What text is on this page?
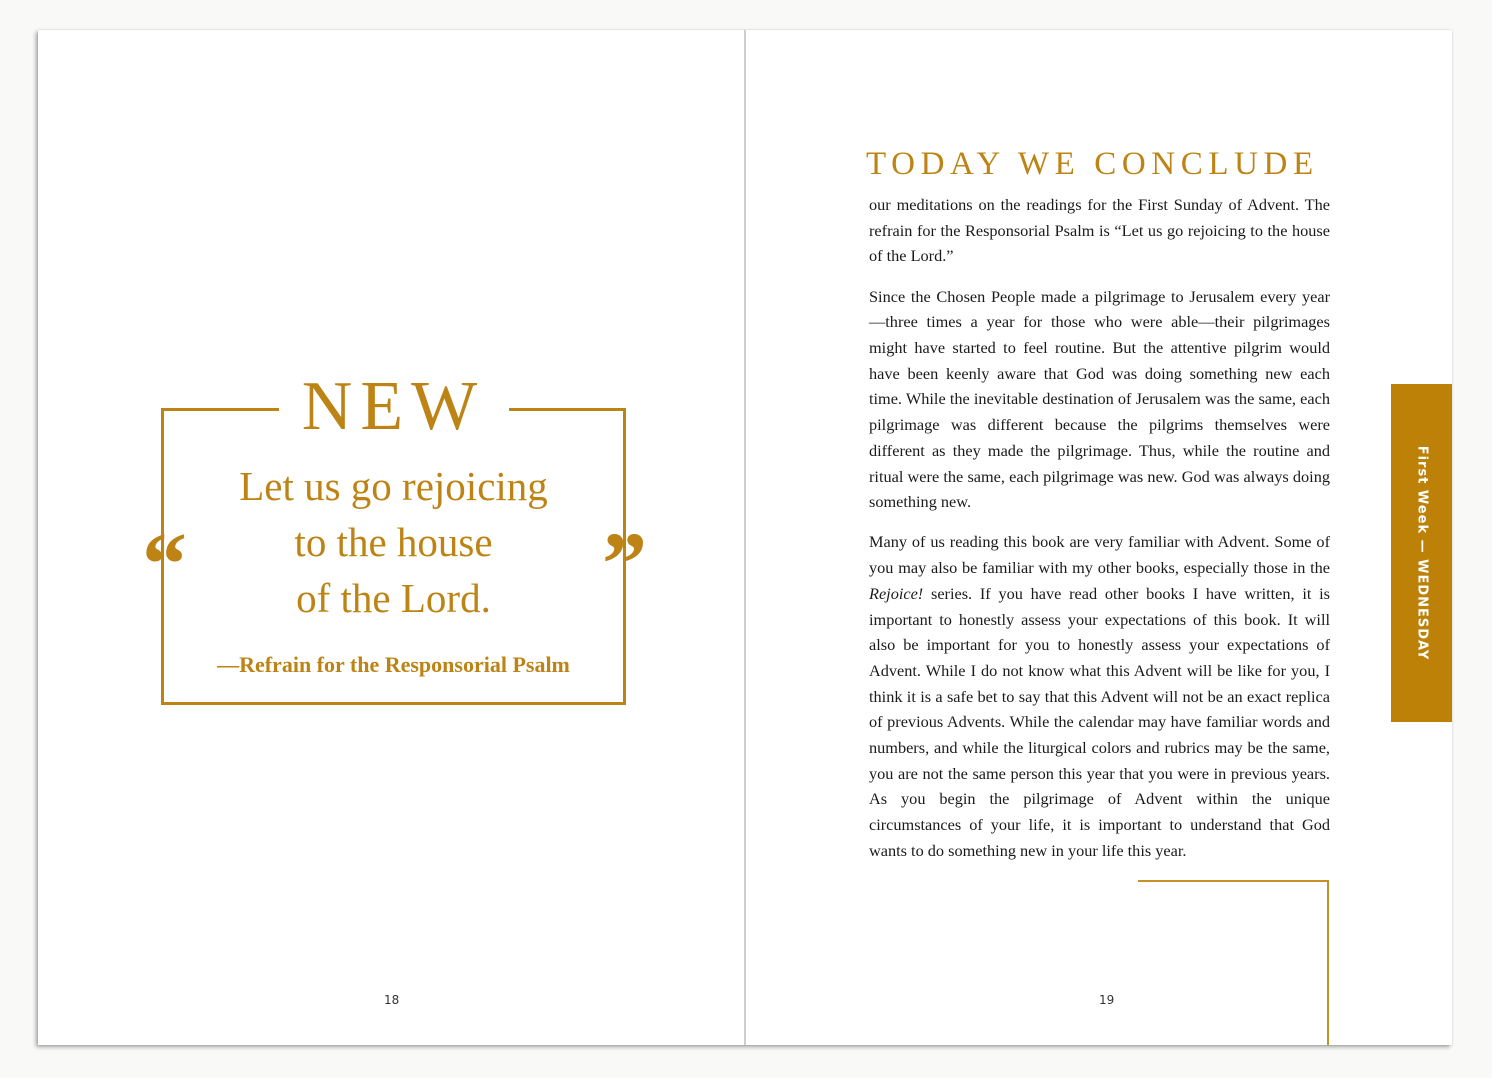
NEW
“	”
Let us go rejoicing
to the house
of the Lord.
—Refrain for the Responsorial Psalm
18
TODAY WE CONCLUDE

our meditations on the readings for the First Sunday of Advent. The refrain for the Responsorial Psalm is “Let us go rejoicing to the house of the Lord.”

Since the Chosen People made a pilgrimage to Jerusalem every year—three times a year for those who were able—their pilgrimages might have started to feel routine. But the attentive pilgrim would have been keenly aware that God was doing something new each time. While the inevitable destination of Jerusalem was the same, each pilgrimage was different because the pilgrims themselves were different as they made the pilgrimage. Thus, while the routine and ritual were the same, each pilgrimage was new. God was always doing something new.

Many of us reading this book are very familiar with Advent. Some of you may also be familiar with my other books, especially those in the Rejoice! series. If you have read other books I have written, it is important to honestly assess your expectations of this book. It will also be important for you to honestly assess your expectations of Advent. While I do not know what this Advent will be like for you, I think it is a safe bet to say that this Advent will not be an exact replica of previous Advents. While the calendar may have familiar words and numbers, and while the liturgical colors and rubrics may be the same, you are not the same person this year that you were in previous years. As you begin the pilgrimage of Advent within the unique circumstances of your life, it is important to understand that God wants to do something new in your life this year.

First Week — WEDNESDAY
19
